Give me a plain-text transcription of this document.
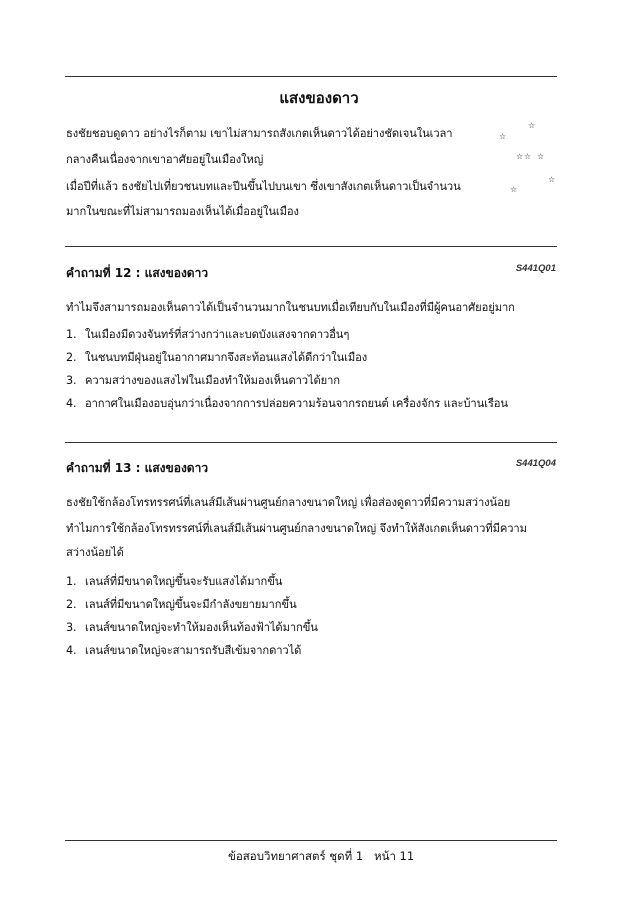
แสงของดาว
ธงชัยชอบดูดาว อย่างไรก็ตาม เขาไม่สามารถสังเกตเห็นดาวได้อย่างชัดเจนในเวลา
กลางคืนเนื่องจากเขาอาศัยอยู่ในเมืองใหญ่
เมื่อปีที่แล้ว ธงชัยไปเที่ยวชนบทและปีนขึ้นไปบนเขา ซึ่งเขาสังเกตเห็นดาวเป็นจำนวน
มากในขณะที่ไม่สามารถมองเห็นได้เมื่ออยู่ในเมือง
☆
☆
☆ ☆ ☆
☆
☆
คำถามที่ 12 : แสงของดาว	S441Q01
ทำไมจึงสามารถมองเห็นดาวได้เป็นจำนวนมากในชนบทเมื่อเทียบกับในเมืองที่มีผู้คนอาศัยอยู่มาก
1. ในเมืองมีดวงจันทร์ที่สว่างกว่าและบดบังแสงจากดาวอื่นๆ
2. ในชนบทมีฝุ่นอยู่ในอากาศมากจึงสะท้อนแสงได้ดีกว่าในเมือง
3. ความสว่างของแสงไฟในเมืองทำให้มองเห็นดาวได้ยาก
4. อากาศในเมืองอบอุ่นกว่าเนื่องจากการปล่อยความร้อนจากรถยนต์ เครื่องจักร และบ้านเรือน
คำถามที่ 13 : แสงของดาว	S441Q04
ธงชัยใช้กล้องโทรทรรศน์ที่เลนส์มีเส้นผ่านศูนย์กลางขนาดใหญ่ เพื่อส่องดูดาวที่มีความสว่างน้อย
ทำไมการใช้กล้องโทรทรรศน์ที่เลนส์มีเส้นผ่านศูนย์กลางขนาดใหญ่ จึงทำให้สังเกตเห็นดาวที่มีความ
สว่างน้อยได้
1. เลนส์ที่มีขนาดใหญ่ขึ้นจะรับแสงได้มากขึ้น
2. เลนส์ที่มีขนาดใหญ่ขึ้นจะมีกำลังขยายมากขึ้น
3. เลนส์ขนาดใหญ่จะทำให้มองเห็นท้องฟ้าได้มากขึ้น
4. เลนส์ขนาดใหญ่จะสามารถรับสีเข้มจากดาวได้
ข้อสอบวิทยาศาสตร์ ชุดที่ 1 หน้า 11
